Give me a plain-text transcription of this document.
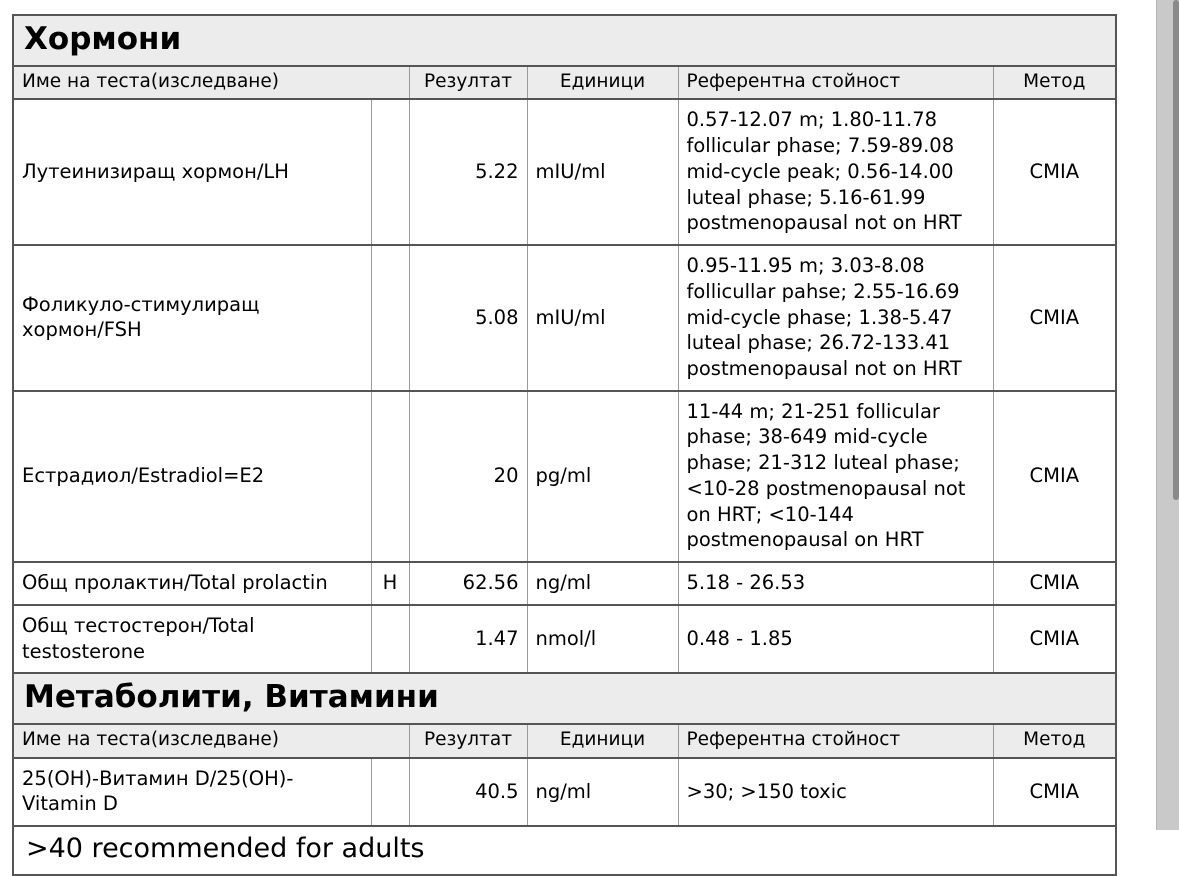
Хормони					

Име на теста(изследване)		Резултат	Единици	Референтна стойност	Метод
Лутеинизиращ хормон/LH		5.22	mIU/ml	0.57-12.07 m; 1.80-11.78 follicular phase; 7.59-89.08 mid-cycle peak; 0.56-14.00 luteal phase; 5.16-61.99 postmenopausal not on HRT	CMIA
Фоликуло-стимулиращ хормон/FSH		5.08	mIU/ml	0.95-11.95 m; 3.03-8.08 follicullar pahse; 2.55-16.69 mid-cycle phase; 1.38-5.47 luteal phase; 26.72-133.41 postmenopausal not on HRT	CMIA
Естрадиол/Estradiol=E2		20	pg/ml	11-44 m; 21-251 follicular phase; 38-649 mid-cycle phase; 21-312 luteal phase; <10-28 postmenopausal not on HRT; <10-144 postmenopausal on HRT	CMIA
Общ пролактин/Total prolactin	H	62.56	ng/ml	5.18 - 26.53	CMIA
Общ тестостерон/Total testosterone		1.47	nmol/l	0.48 - 1.85	CMIA

Метаболити, Витамини					

Име на теста(изследване)		Резултат	Единици	Референтна стойност	Метод
25(OH)-Витамин D/25(OH)-Vitamin D		40.5	ng/ml	>30; >150 toxic	CMIA
>40 recommended for adults					
